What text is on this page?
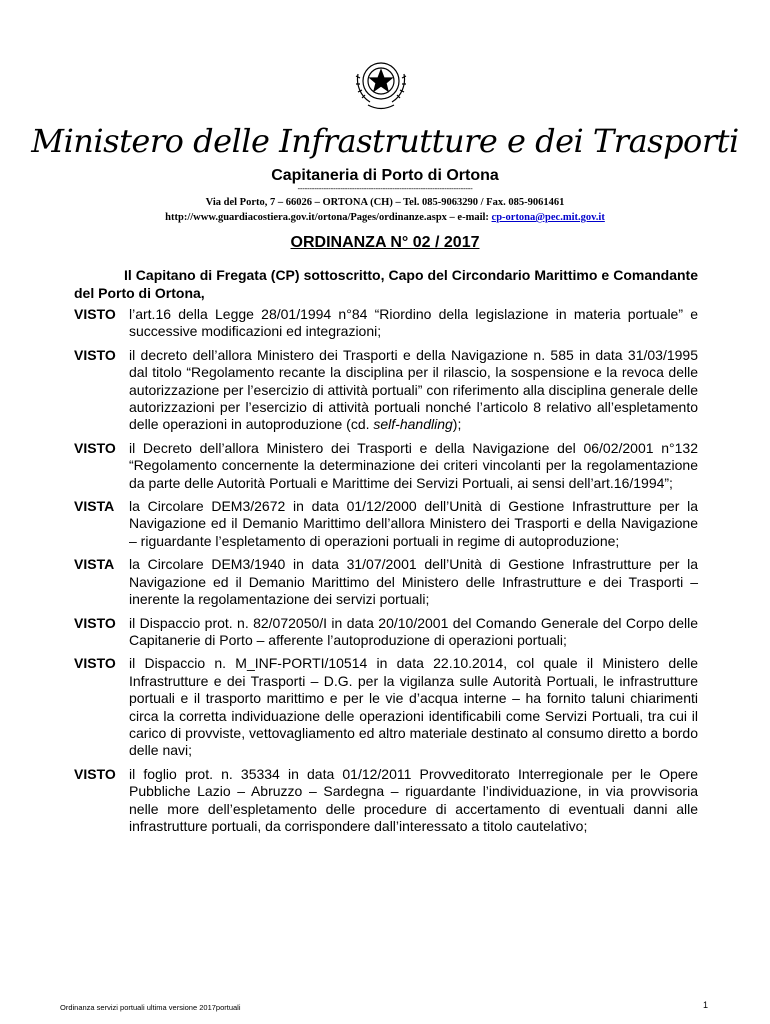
Ministero delle Infrastrutture e dei Trasporti
Capitaneria di Porto di Ortona
--------------------------------------------------------------------------
Via del Porto, 7 – 66026 – ORTONA (CH) – Tel. 085-9063290 / Fax. 085-9061461
http://www.guardiacostiera.gov.it/ortona/Pages/ordinanze.aspx – e-mail: cp-ortona@pec.mit.gov.it
ORDINANZA N° 02 / 2017
Il Capitano di Fregata (CP) sottoscritto, Capo del Circondario Marittimo e Comandante del Porto di Ortona,
VISTO l’art.16 della Legge 28/01/1994 n°84 “Riordino della legislazione in materia portuale” e successive modificazioni ed integrazioni;
VISTO il decreto dell’allora Ministero dei Trasporti e della Navigazione n. 585 in data 31/03/1995 dal titolo “Regolamento recante la disciplina per il rilascio, la sospensione e la revoca delle autorizzazione per l’esercizio di attività portuali” con riferimento alla disciplina generale delle autorizzazioni per l’esercizio di attività portuali nonché l’articolo 8 relativo all’espletamento delle operazioni in autoproduzione (cd. self-handling);
VISTO il Decreto dell’allora Ministero dei Trasporti e della Navigazione del 06/02/2001 n°132 “Regolamento concernente la determinazione dei criteri vincolanti per la regolamentazione da parte delle Autorità Portuali e Marittime dei Servizi Portuali, ai sensi dell’art.16/1994”;
VISTA	la Circolare DEM3/2672 in data 01/12/2000 dell’Unità di Gestione Infrastrutture per la Navigazione ed il Demanio Marittimo dell’allora Ministero dei Trasporti e della Navigazione – riguardante l’espletamento di operazioni portuali in regime di autoproduzione;
VISTA	la Circolare DEM3/1940 in data 31/07/2001 dell’Unità di Gestione Infrastrutture per la Navigazione ed il Demanio Marittimo del Ministero delle Infrastrutture e dei Trasporti – inerente la regolamentazione dei servizi portuali;
VISTO il Dispaccio prot. n. 82/072050/I in data 20/10/2001 del Comando Generale del Corpo delle Capitanerie di Porto – afferente l’autoproduzione di operazioni portuali;
VISTO il Dispaccio n. M_INF-PORTI/10514 in data 22.10.2014, col quale il Ministero delle Infrastrutture e dei Trasporti – D.G. per la vigilanza sulle Autorità Portuali, le infrastrutture portuali e il trasporto marittimo e per le vie d’acqua interne – ha fornito taluni chiarimenti circa la corretta individuazione delle operazioni identificabili come Servizi Portuali, tra cui il carico di provviste, vettovagliamento ed altro materiale destinato al consumo diretto a bordo delle navi;
VISTO il foglio prot. n. 35334 in data 01/12/2011 Provveditorato Interregionale per le Opere Pubbliche Lazio – Abruzzo – Sardegna – riguardante l’individuazione, in via provvisoria nelle more dell’espletamento delle procedure di accertamento di eventuali danni alle infrastrutture portuali, da corrispondere dall’interessato a titolo cautelativo;
Ordinanza servizi portuali ultima versione 2017portuali	1
